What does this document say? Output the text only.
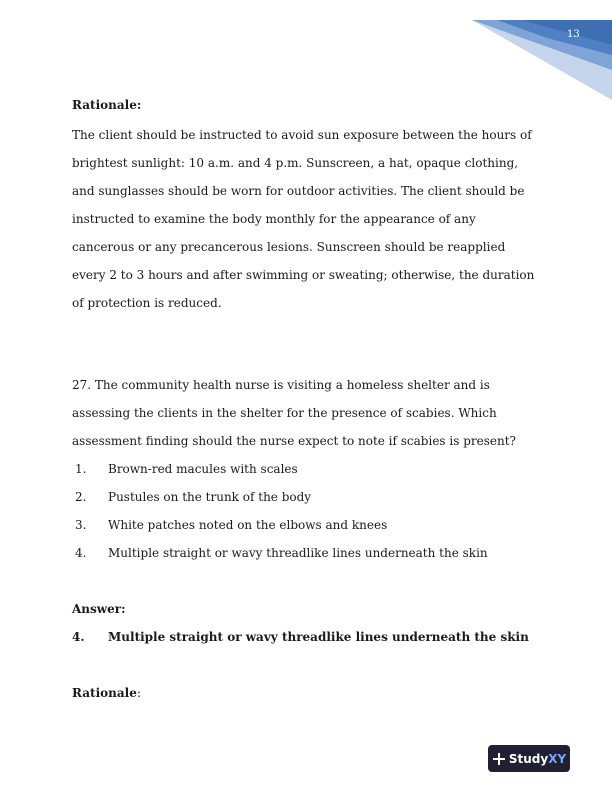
13
Rationale:
The client should be instructed to avoid sun exposure between the hours of
brightest sunlight: 10 a.m. and 4 p.m. Sunscreen, a hat, opaque clothing,
and sunglasses should be worn for outdoor activities. The client should be
instructed to examine the body monthly for the appearance of any
cancerous or any precancerous lesions. Sunscreen should be reapplied
every 2 to 3 hours and after swimming or sweating; otherwise, the duration
of protection is reduced.
27. The community health nurse is visiting a homeless shelter and is
assessing the clients in the shelter for the presence of scabies. Which
assessment finding should the nurse expect to note if scabies is present?
1. Brown-red macules with scales
2. Pustules on the trunk of the body
3. White patches noted on the elbows and knees
4. Multiple straight or wavy threadlike lines underneath the skin
Answer:
4. Multiple straight or wavy threadlike lines underneath the skin
Rationale:
Study XY
